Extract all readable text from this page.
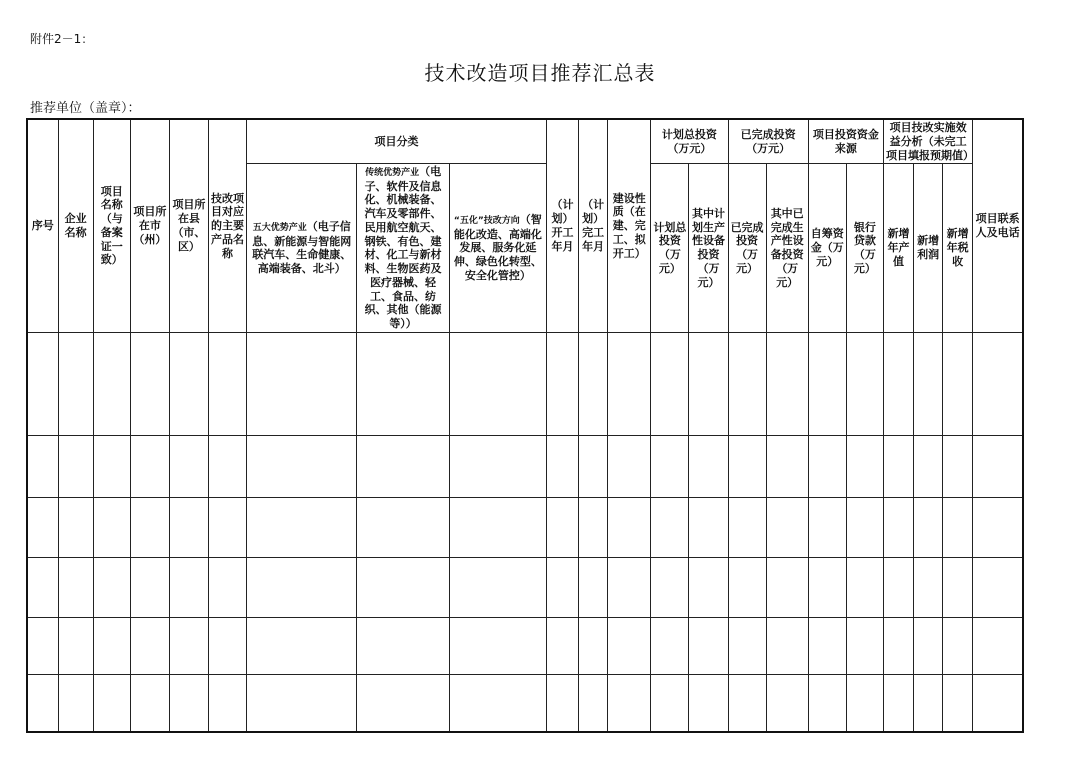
附件2－1：
技术改造项目推荐汇总表
推荐单位（盖章）：
序号	企业名称	项目名称（与备案证一致）	项目所在市（州）	项目所在县（市、区）	技改项目对应的主要产品名称	项目分类			（计划）开工年月	（计划）完工年月	建设性质（在建、完工、拟开工）	计划总投资（万元）		已完成投资（万元）		项目投资资金来源		项目技改实施效益分析（未完工项目填报预期值）			项目联系人及电话
						五大优势产业（电子信息、新能源与智能网联汽车、生命健康、高端装备、北斗）	传统优势产业（电子、软件及信息化、机械装备、汽车及零部件、民用航空航天、钢铁、有色、建材、化工与新材料、生物医药及医疗器械、轻工、食品、纺织、其他（能源等））	“五化”技改方向（智能化改造、高端化发展、服务化延伸、绿色化转型、安全化管控）				计划总投资（万元）	其中计划生产性设备投资（万元）	已完成投资（万元）	其中已完成生产性设备投资（万元）	自筹资金（万元）	银行贷款（万元）	新增年产值	新增利润	新增年税收	
